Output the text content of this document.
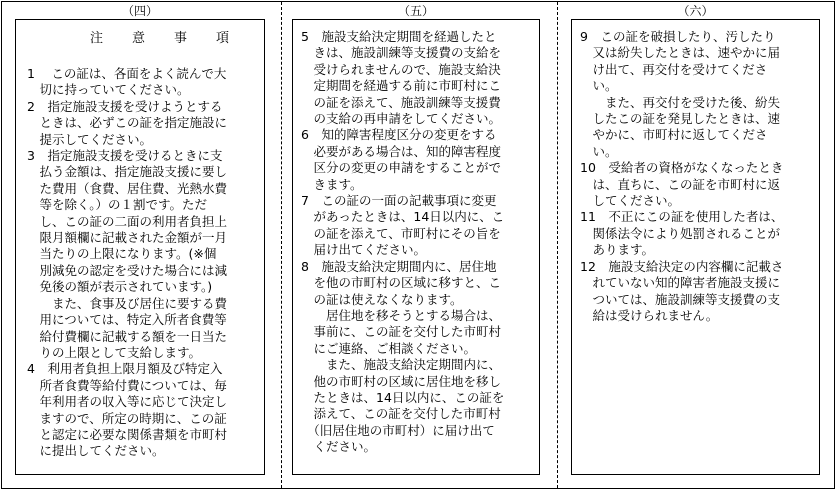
（四）
注　意　事　項
1　 この証は、各面をよく読んで大
　切に持っていてください。
2　指定施設支援を受けようとする
　ときは、必ずこの証を指定施設に
　提示してください。
3　指定施設支援を受けるときに支
　払う金額は、指定施設支援に要し
　た費用（食費、居住費、光熱水費
　等を除く。）の１割です。ただ
　し、この証の二面の利用者負担上
　限月額欄に記載された金額が一月
　当たりの上限になります。(※個
　別減免の認定を受けた場合には減
　免後の額が表示されています。)
　　また、食事及び居住に要する費
　用については、特定入所者食費等
　給付費欄に記載する額を一日当た
　りの上限として支給します。
4　利用者負担上限月額及び特定入
　所者食費等給付費については、毎
　年利用者の収入等に応じて決定し
　ますので、所定の時期に、この証
　と認定に必要な関係書類を市町村
　に提出してください。
（五）
5　施設支給決定期間を経過したと
　きは、施設訓練等支援費の支給を
　受けられませんので、施設支給決
　定期間を経過する前に市町村にこ
　の証を添えて、施設訓練等支援費
　の支給の再申請をしてください。
6　知的障害程度区分の変更をする
　必要がある場合は、知的障害程度
　区分の変更の申請をすることがで
　きます。
7　この証の一面の記載事項に変更
　があったときは、14日以内に、こ
　の証を添えて、市町村にその旨を
　届け出てください。
8　施設支給決定期間内に、居住地
　を他の市町村の区域に移すと、こ
　の証は使えなくなります。
　　居住地を移そうとする場合は、
　事前に、この証を交付した市町村
　にご連絡、ご相談ください。
　　また、施設支給決定期間内に、
　他の市町村の区域に居住地を移し
　たときは、14日以内に、この証を
　添えて、この証を交付した市町村
　（旧居住地の市町村）に届け出て
　ください。
（六）
9　この証を破損したり、汚したり
　又は紛失したときは、速やかに届
　け出て、再交付を受けてくださ
　い。
　　また、再交付を受けた後、紛失
　したこの証を発見したときは、速
　やかに、市町村に返してくださ
　い。
10　受給者の資格がなくなったとき
　は、直ちに、この証を市町村に返
　してください。
11　不正にこの証を使用した者は、
　関係法令により処罰されることが
　あります。
12　施設支給決定の内容欄に記載さ
　れていない知的障害者施設支援に
　ついては、施設訓練等支援費の支
　給は受けられません。
